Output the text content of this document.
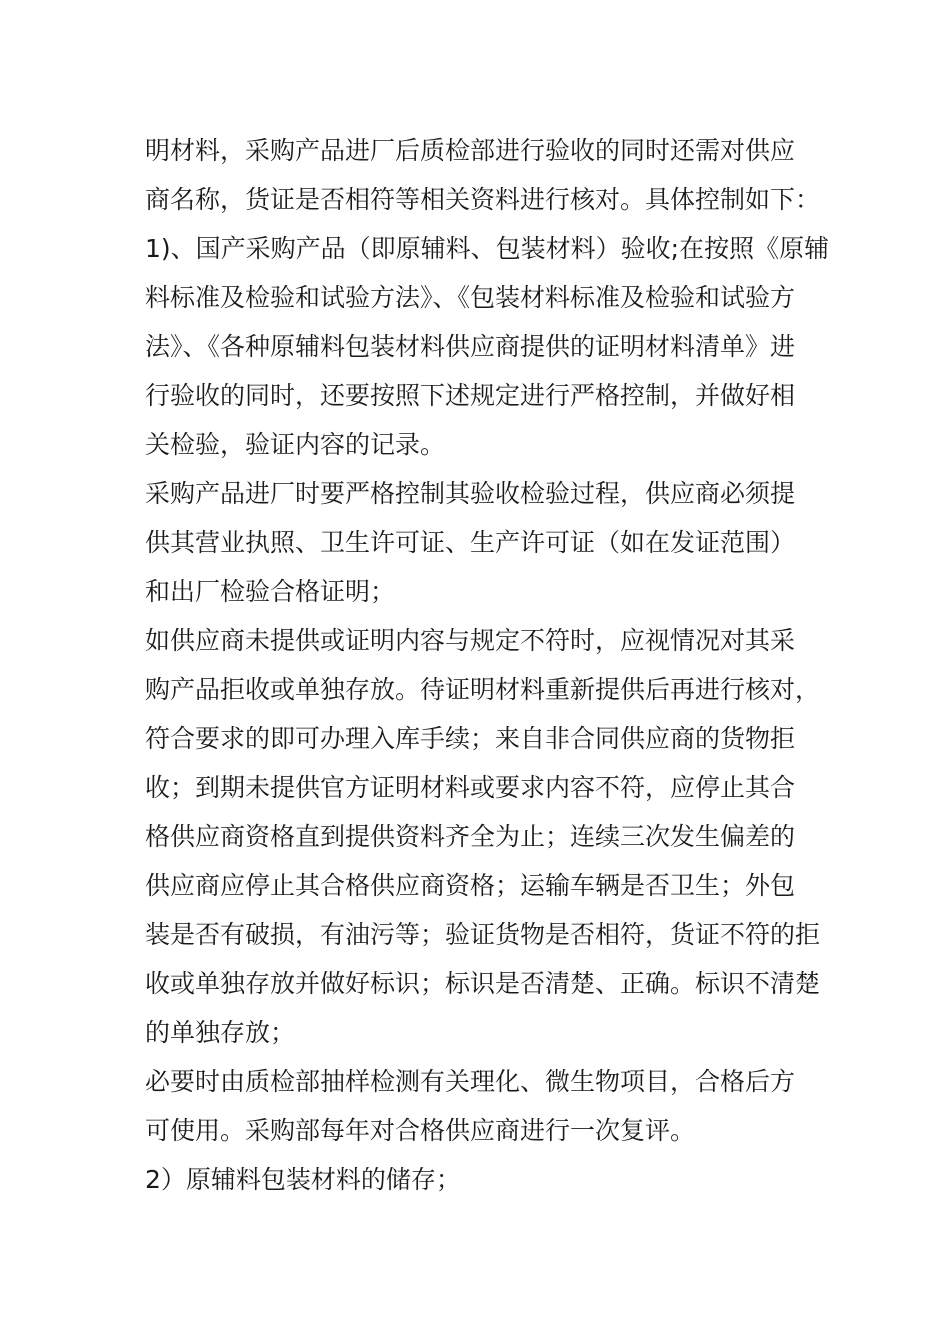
明材料，采购产品进厂后质检部进行验收的同时还需对供应
商名称，货证是否相符等相关资料进行核对。具体控制如下：
1)、国产采购产品（即原辅料、包装材料）验收;在按照《原辅
料标准及检验和试验方法》、《包装材料标准及检验和试验方
法》、《各种原辅料包装材料供应商提供的证明材料清单》进
行验收的同时，还要按照下述规定进行严格控制，并做好相
关检验，验证内容的记录。
采购产品进厂时要严格控制其验收检验过程，供应商必须提
供其营业执照、卫生许可证、生产许可证（如在发证范围）
和出厂检验合格证明；
如供应商未提供或证明内容与规定不符时，应视情况对其采
购产品拒收或单独存放。待证明材料重新提供后再进行核对，
符合要求的即可办理入库手续；来自非合同供应商的货物拒
收；到期未提供官方证明材料或要求内容不符，应停止其合
格供应商资格直到提供资料齐全为止；连续三次发生偏差的
供应商应停止其合格供应商资格；运输车辆是否卫生；外包
装是否有破损，有油污等；验证货物是否相符，货证不符的拒
收或单独存放并做好标识；标识是否清楚、正确。标识不清楚
的单独存放；
必要时由质检部抽样检测有关理化、微生物项目，合格后方
可使用。采购部每年对合格供应商进行一次复评。
2）原辅料包装材料的储存；
